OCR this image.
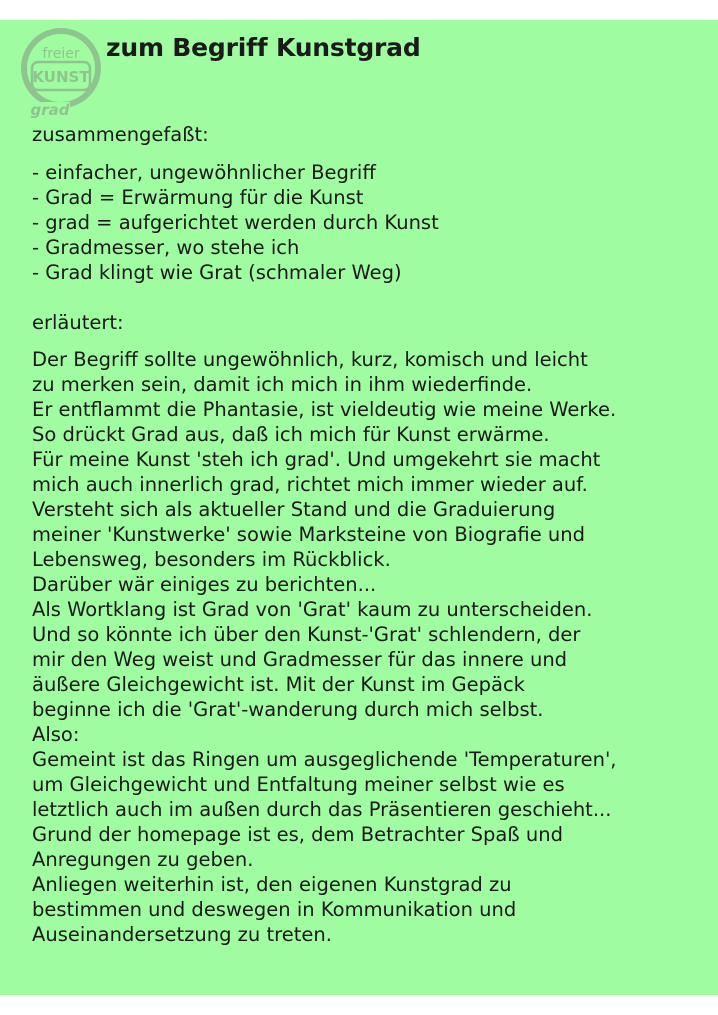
freier
KUNST
grad
zum Begriff Kunstgrad

zusammengefaßt:

- einfacher, ungewöhnlicher Begriff
- Grad = Erwärmung für die Kunst
- grad = aufgerichtet werden durch Kunst
- Gradmesser, wo stehe ich
- Grad klingt wie Grat (schmaler Weg)

erläutert:

Der Begriff sollte ungewöhnlich, kurz, komisch und leicht
zu merken sein, damit ich mich in ihm wiederfinde.
Er entflammt die Phantasie, ist vieldeutig wie meine Werke.
So drückt Grad aus, daß ich mich für Kunst erwärme.
Für meine Kunst 'steh ich grad'. Und umgekehrt sie macht
mich auch innerlich grad, richtet mich immer wieder auf.
Versteht sich als aktueller Stand und die Graduierung
meiner 'Kunstwerke' sowie Marksteine von Biografie und
Lebensweg, besonders im Rückblick.
Darüber wär einiges zu berichten...
Als Wortklang ist Grad von 'Grat' kaum zu unterscheiden.
Und so könnte ich über den Kunst-'Grat' schlendern, der
mir den Weg weist und Gradmesser für das innere und
äußere Gleichgewicht ist. Mit der Kunst im Gepäck
beginne ich die 'Grat'-wanderung durch mich selbst.
Also:
Gemeint ist das Ringen um ausgeglichende 'Temperaturen',
um Gleichgewicht und Entfaltung meiner selbst wie es
letztlich auch im außen durch das Präsentieren geschieht...
Grund der homepage ist es, dem Betrachter Spaß und
Anregungen zu geben.
Anliegen weiterhin ist, den eigenen Kunstgrad zu
bestimmen und deswegen in Kommunikation und
Auseinandersetzung zu treten.
